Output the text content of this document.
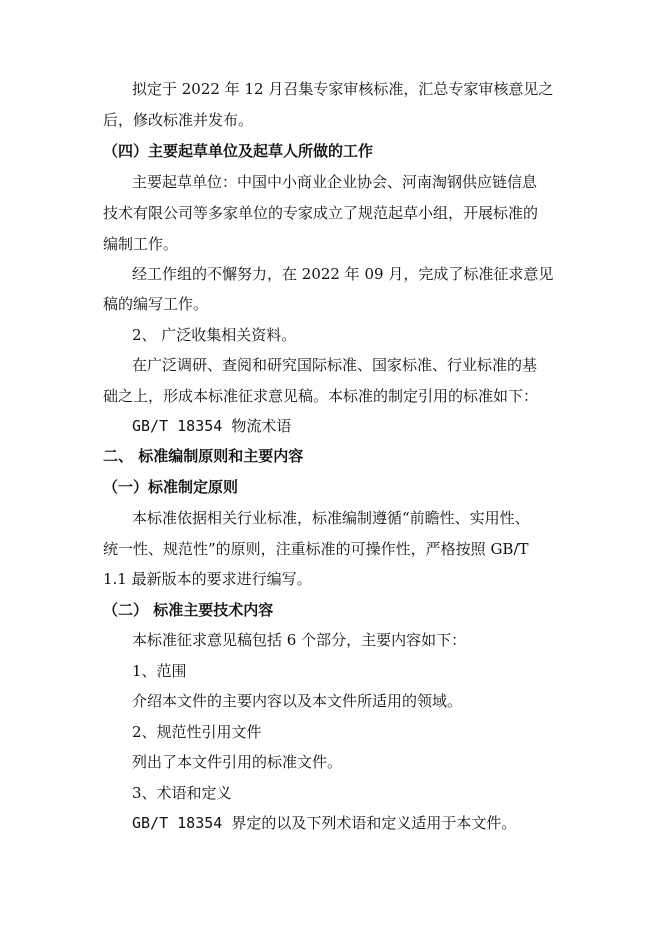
拟定于 2022 年 12 月召集专家审核标准，汇总专家审核意见之
后，修改标准并发布。
（四）主要起草单位及起草人所做的工作
主要起草单位：中国中小商业企业协会、河南淘钢供应链信息
技术有限公司等多家单位的专家成立了规范起草小组，开展标准的
编制工作。
经工作组的不懈努力，在 2022 年 09 月，完成了标准征求意见
稿的编写工作。
2、 广泛收集相关资料。
在广泛调研、查阅和研究国际标准、国家标准、行业标准的基
础之上，形成本标准征求意见稿。本标准的制定引用的标准如下：
GB/T 18354 物流术语
二、 标准编制原则和主要内容
（一）标准制定原则
本标准依据相关行业标准，标准编制遵循“前瞻性、实用性、
统一性、规范性”的原则，注重标准的可操作性，严格按照 GB/T
1.1 最新版本的要求进行编写。
（二） 标准主要技术内容
本标准征求意见稿包括 6 个部分，主要内容如下：
1、范围
介绍本文件的主要内容以及本文件所适用的领域。
2、规范性引用文件
列出了本文件引用的标准文件。
3、术语和定义
GB/T 18354 界定的以及下列术语和定义适用于本文件。
